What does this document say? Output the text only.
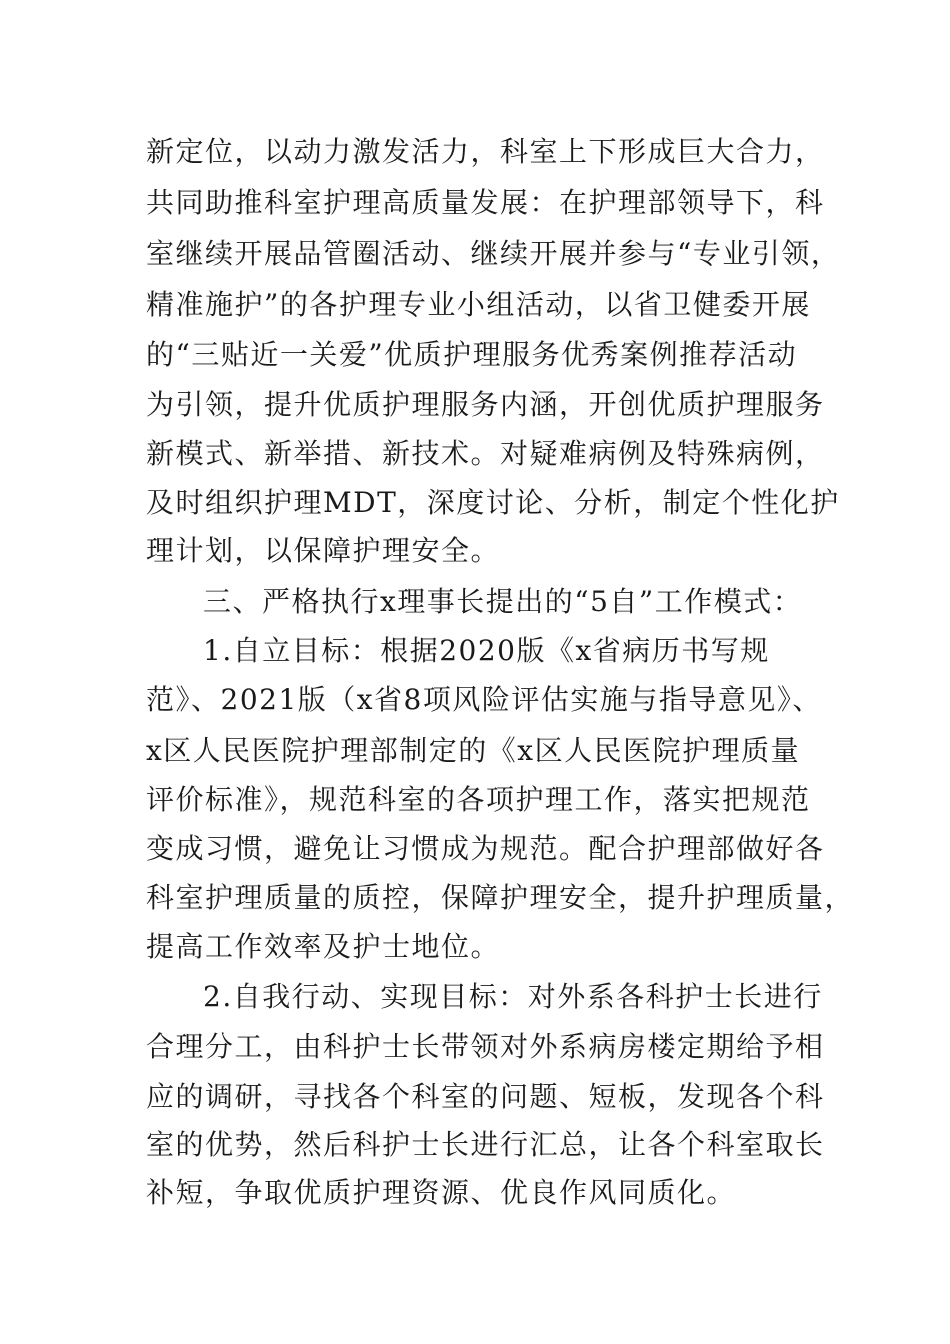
新定位，以动力激发活力，科室上下形成巨大合力，
共同助推科室护理高质量发展：在护理部领导下，科
室继续开展品管圈活动、继续开展并参与“专业引领，
精准施护”的各护理专业小组活动，以省卫健委开展
的“三贴近一关爱”优质护理服务优秀案例推荐活动
为引领，提升优质护理服务内涵，开创优质护理服务
新模式、新举措、新技术。对疑难病例及特殊病例，
及时组织护理MDT，深度讨论、分析，制定个性化护
理计划，以保障护理安全。
三、严格执行x理事长提出的“5自”工作模式：
1.自立目标：根据2020版《x省病历书写规
范》、2021版（x省8项风险评估实施与指导意见》、
x区人民医院护理部制定的《x区人民医院护理质量
评价标准》，规范科室的各项护理工作，落实把规范
变成习惯，避免让习惯成为规范。配合护理部做好各
科室护理质量的质控，保障护理安全，提升护理质量，
提高工作效率及护士地位。
2.自我行动、实现目标：对外系各科护士长进行
合理分工，由科护士长带领对外系病房楼定期给予相
应的调研，寻找各个科室的问题、短板，发现各个科
室的优势，然后科护士长进行汇总，让各个科室取长
补短，争取优质护理资源、优良作风同质化。
